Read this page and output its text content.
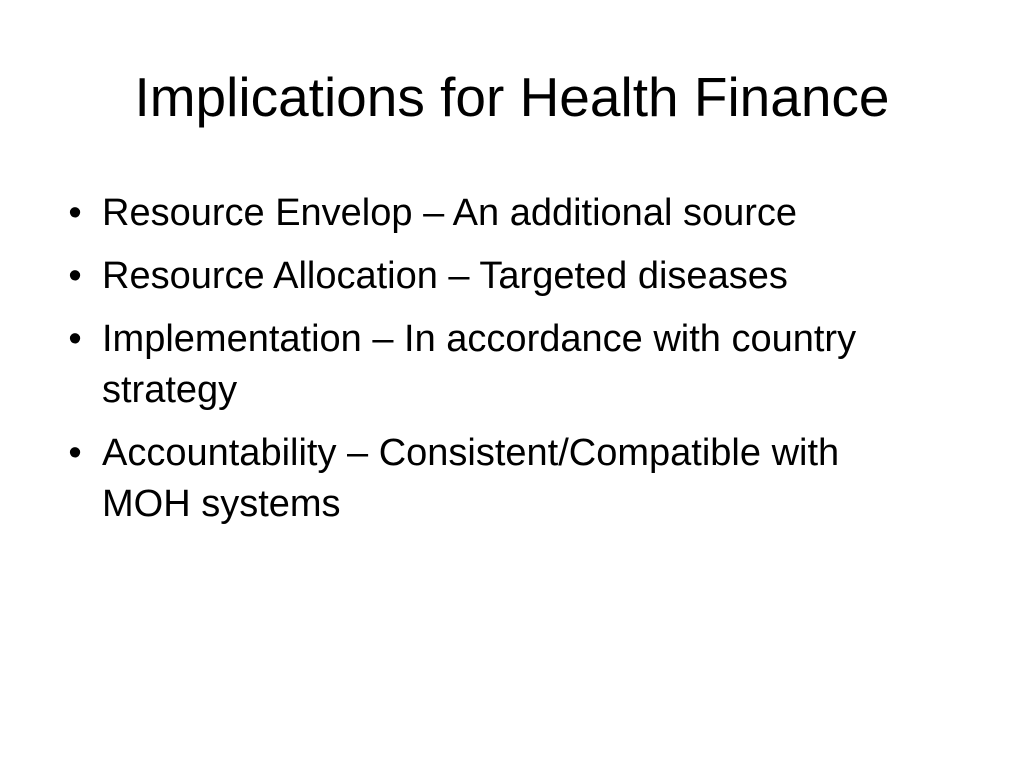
Implications for Health Finance
• Resource Envelop – An additional source
• Resource Allocation – Targeted diseases
• Implementation – In accordance with country strategy
• Accountability – Consistent/Compatible with MOH systems
